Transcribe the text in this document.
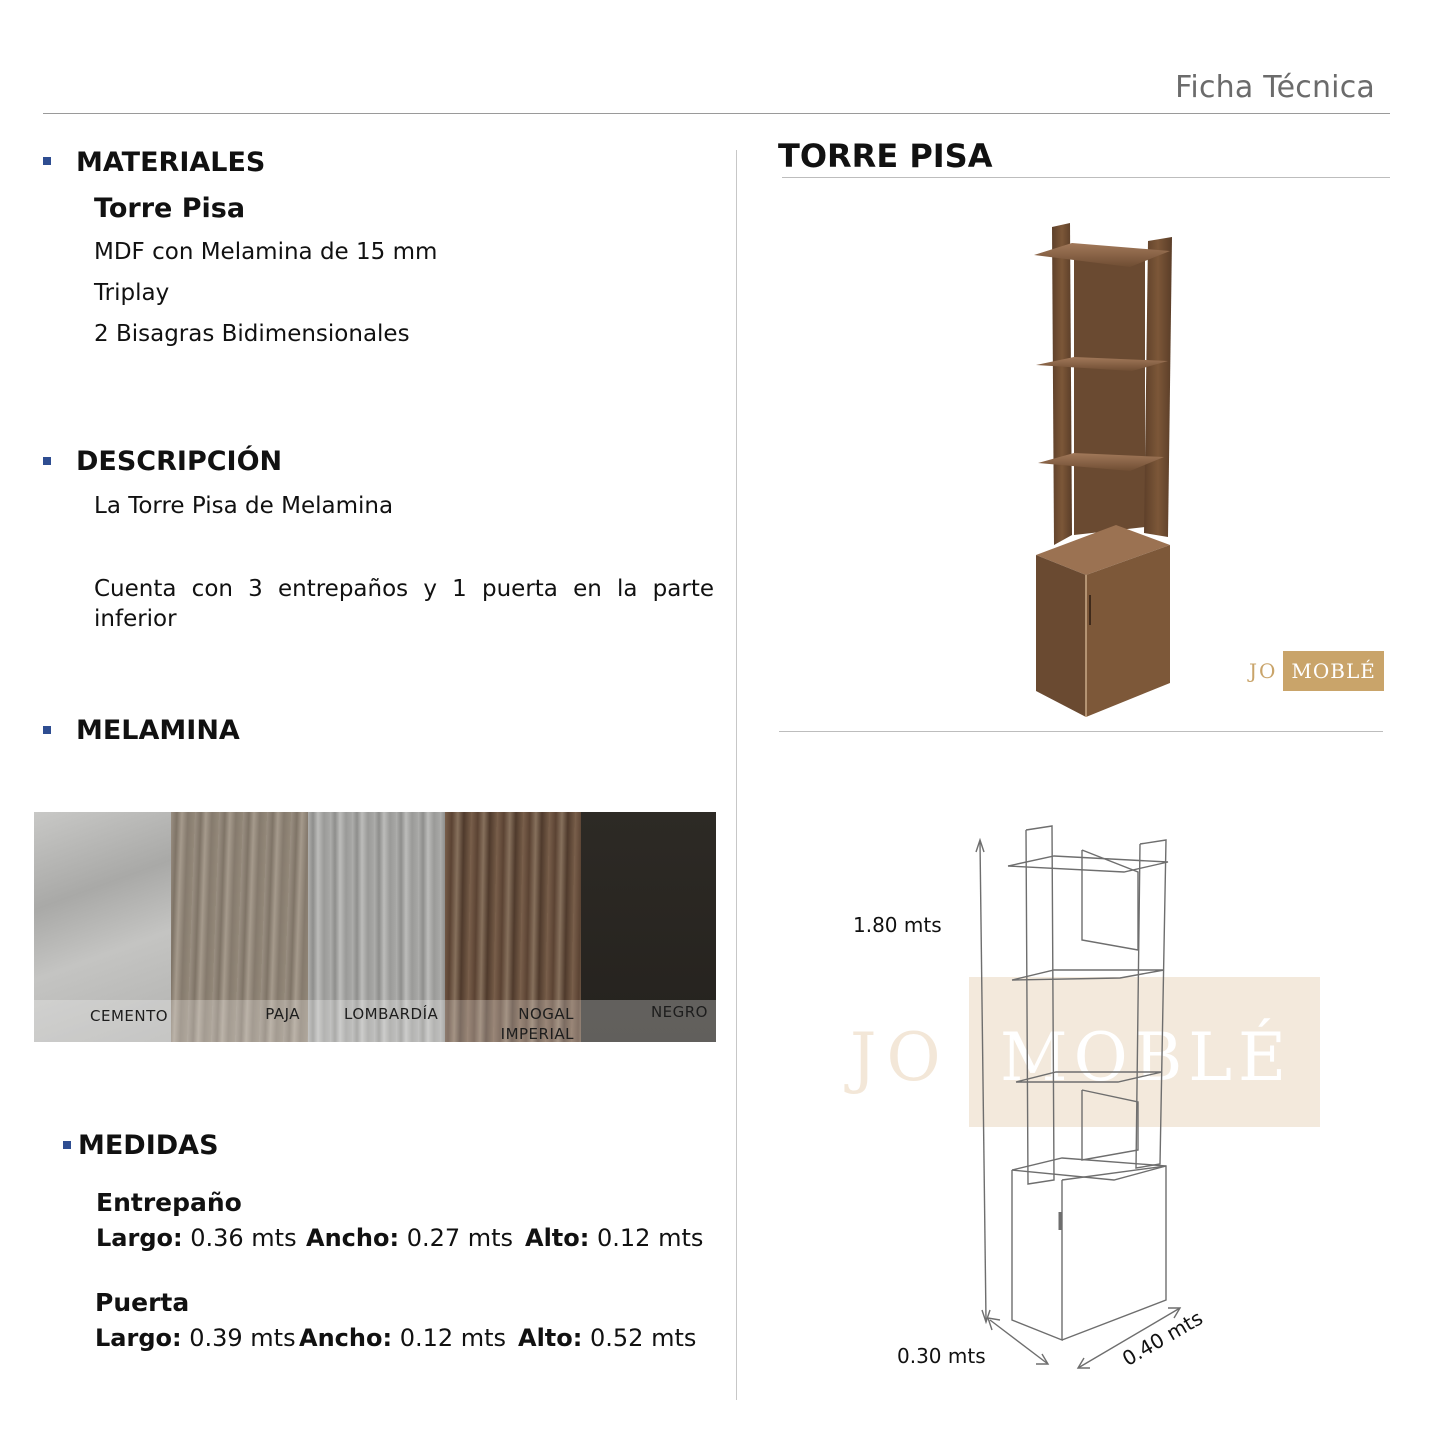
Ficha Técnica
MATERIALES
Torre Pisa
MDF con Melamina de 15 mm
Triplay
2 Bisagras Bidimensionales
DESCRIPCIÓN
La Torre Pisa de Melamina
Cuenta con 3 entrepaños y 1 puerta en la parte inferior
MELAMINA
CEMENTO	PAJA	LOMBARDÍA	NOGAL IMPERIAL
NEGRO
MEDIDAS
Entrepaño
Largo: 0.36 mts Ancho: 0.27 mts Alto: 0.12 mts
Puerta
Largo: 0.39 mts Ancho: 0.12 mts Alto: 0.52 mts
TORRE PISA
JO MOBLÉ
JO MOBLÉ
1.80 mts
0.30 mts	0.40 mts
